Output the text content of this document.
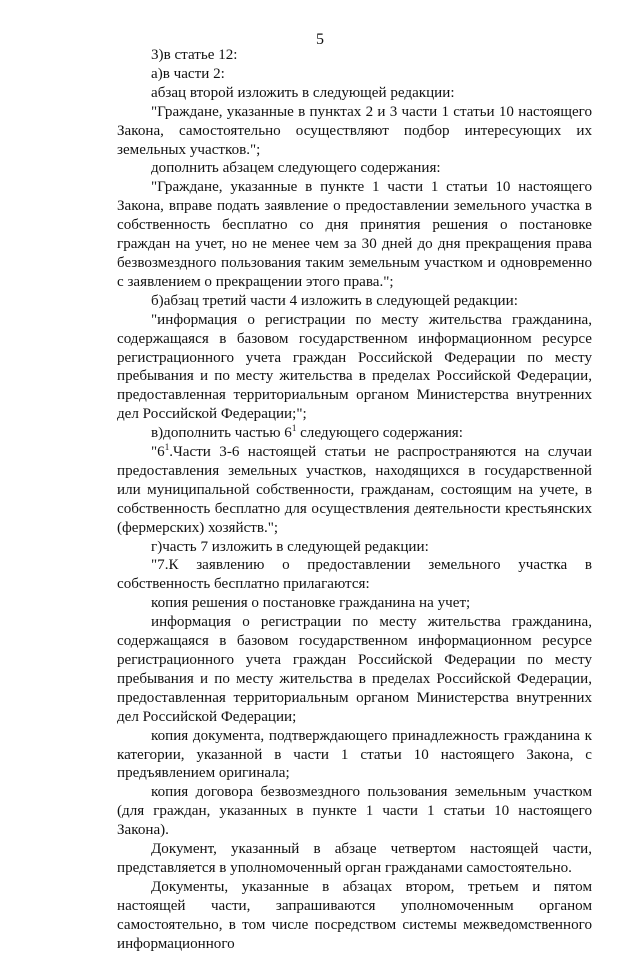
5

3)в статье 12:

а)в части 2:

абзац второй изложить в следующей редакции:

"Граждане, указанные в пунктах 2 и 3 части 1 статьи 10 настоящего Закона, самостоятельно осуществляют подбор интересующих их земельных участков.";

дополнить абзацем следующего содержания:

"Граждане, указанные в пункте 1 части 1 статьи 10 настоящего Закона, вправе подать заявление о предоставлении земельного участка в собственность бесплатно со дня принятия решения о постановке граждан на учет, но не менее чем за 30 дней до дня прекращения права безвозмездного пользования таким земельным участком и одновременно с заявлением о прекращении этого права.";

б)абзац третий части 4 изложить в следующей редакции:

"информация о регистрации по месту жительства гражданина, содержащаяся в базовом государственном информационном ресурсе регистрационного учета граждан Российской Федерации по месту пребывания и по месту жительства в пределах Российской Федерации, предоставленная территориальным органом Министерства внутренних дел Российской Федерации;";

в)дополнить частью $6^1$ следующего содержания:

"$6^1.Части$ 3-6 настоящей статьи не распространяются на случаи предоставления земельных участков, находящихся в государственной или муниципальной собственности, гражданам, состоящим на учете, в собственность бесплатно для осуществления деятельности крестьянских (фермерских) хозяйств.";

г)часть 7 изложить в следующей редакции:

"7.К заявлению о предоставлении земельного участка в собственность бесплатно прилагаются:

копия решения о постановке гражданина на учет;

информация о регистрации по месту жительства гражданина, содержащаяся в базовом государственном информационном ресурсе регистрационного учета граждан Российской Федерации по месту пребывания и по месту жительства в пределах Российской Федерации, предоставленная территориальным органом Министерства внутренних дел Российской Федерации;

копия документа, подтверждающего принадлежность гражданина к категории, указанной в части 1 статьи 10 настоящего Закона, с предъявлением оригинала;

копия договора безвозмездного пользования земельным участком (для граждан, указанных в пункте 1 части 1 статьи 10 настоящего Закона).

Документ, указанный в абзаце четвертом настоящей части, представляется в уполномоченный орган гражданами самостоятельно.

Документы, указанные в абзацах втором, третьем и пятом настоящей части, запрашиваются уполномоченным органом самостоятельно, в том числе посредством системы межведомственного информационного
